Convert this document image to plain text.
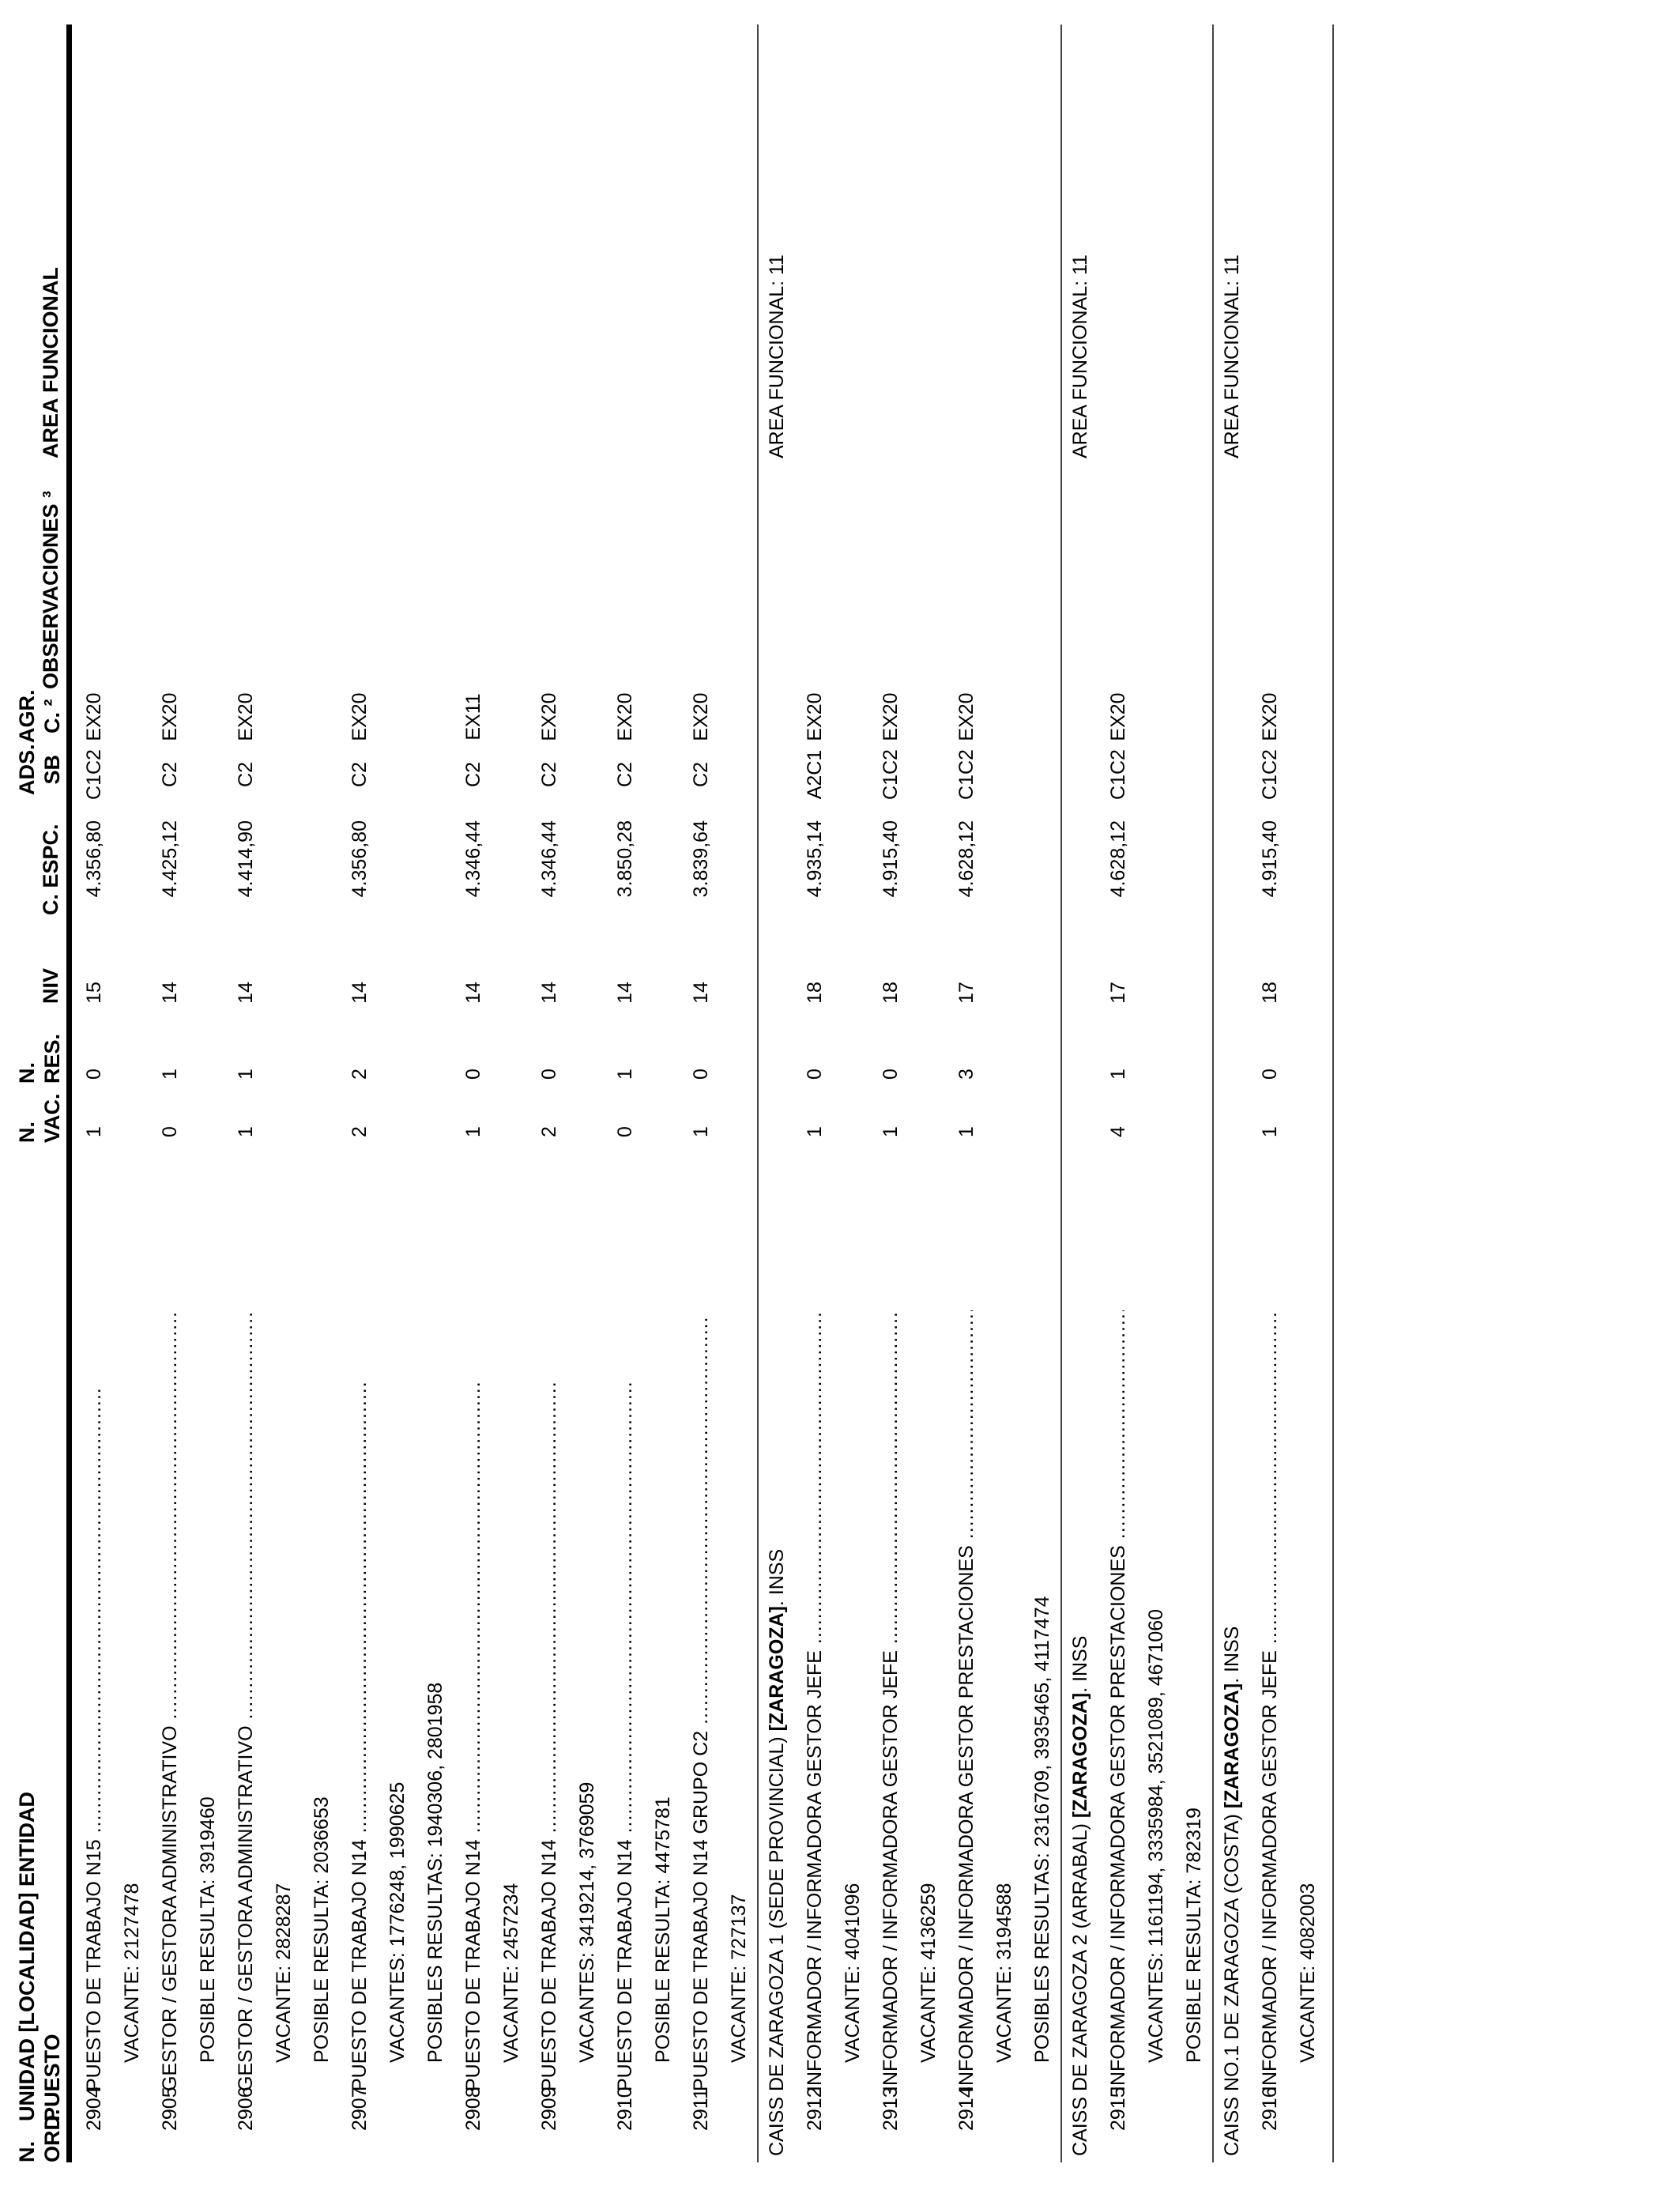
N. ORD.
UNIDAD [LOCALIDAD] ENTIDAD PUESTO
N. VAC.
N. RES.
NIV
C. ESPC.
ADS. SB
AGR. C. ²
OBSERVACIONES ³
AREA FUNCIONAL
2904
PUESTO DE TRABAJO N15 .....
1
0
15
4.356,80
C1C2
EX20
VACANTE: 2127478
2905
GESTOR / GESTORA ADMINISTRATIVO .....
0
1
14
4.425,12
C2
EX20
POSIBLE RESULTA: 3919460
2906
GESTOR / GESTORA ADMINISTRATIVO .....
1
1
14
4.414,90
C2
EX20
VACANTE: 2828287 POSIBLE RESULTA: 2036653
2907
PUESTO DE TRABAJO N14 .....
2
2
14
4.356,80
C2
EX20
VACANTES: 1776248, 1990625 POSIBLES RESULTAS: 1940306, 2801958
2908
PUESTO DE TRABAJO N14 .....
1
0
14
4.346,44
C2
EX11
VACANTE: 2457234
2909
PUESTO DE TRABAJO N14 .....
2
0
14
4.346,44
C2
EX20
VACANTES: 3419214, 3769059
2910
PUESTO DE TRABAJO N14 .....
0
1
14
3.850,28
C2
EX20
POSIBLE RESULTA: 4475781
2911
PUESTO DE TRABAJO N14 GRUPO C2 .....
1
0
14
3.839,64
C2
EX20
VACANTE: 727137 CAISS DE ZARAGOZA 1 (SEDE PROVINCIAL) [ZARAGOZA]. INSS
AREA FUNCIONAL: 11
2912
INFORMADOR / INFORMADORA GESTOR JEFE .....
1
0
18
4.935,14
A2C1
EX20
VACANTE: 4041096
2913
INFORMADOR / INFORMADORA GESTOR JEFE .....
1
0
18
4.915,40
C1C2
EX20
VACANTE: 4136259
2914
INFORMADOR / INFORMADORA GESTOR PRESTACIONES .....
1
3
17
4.628,12
C1C2
EX20
VACANTE: 3194588 POSIBLES RESULTAS: 2316709, 3935465, 4117474 CAISS DE ZARAGOZA 2 (ARRABAL) [ZARAGOZA]. INSS
AREA FUNCIONAL: 11
2915
INFORMADOR / INFORMADORA GESTOR PRESTACIONES .....
4
1
17
4.628,12
C1C2
EX20
VACANTES: 1161194, 3335984, 3521089, 4671060 POSIBLE RESULTA: 782319 CAISS NO.1 DE ZARAGOZA (COSTA) [ZARAGOZA]. INSS
AREA FUNCIONAL: 11
2916
INFORMADOR / INFORMADORA GESTOR JEFE .....
1
0
18
4.915,40
C1C2
EX20
VACANTE: 4082003
